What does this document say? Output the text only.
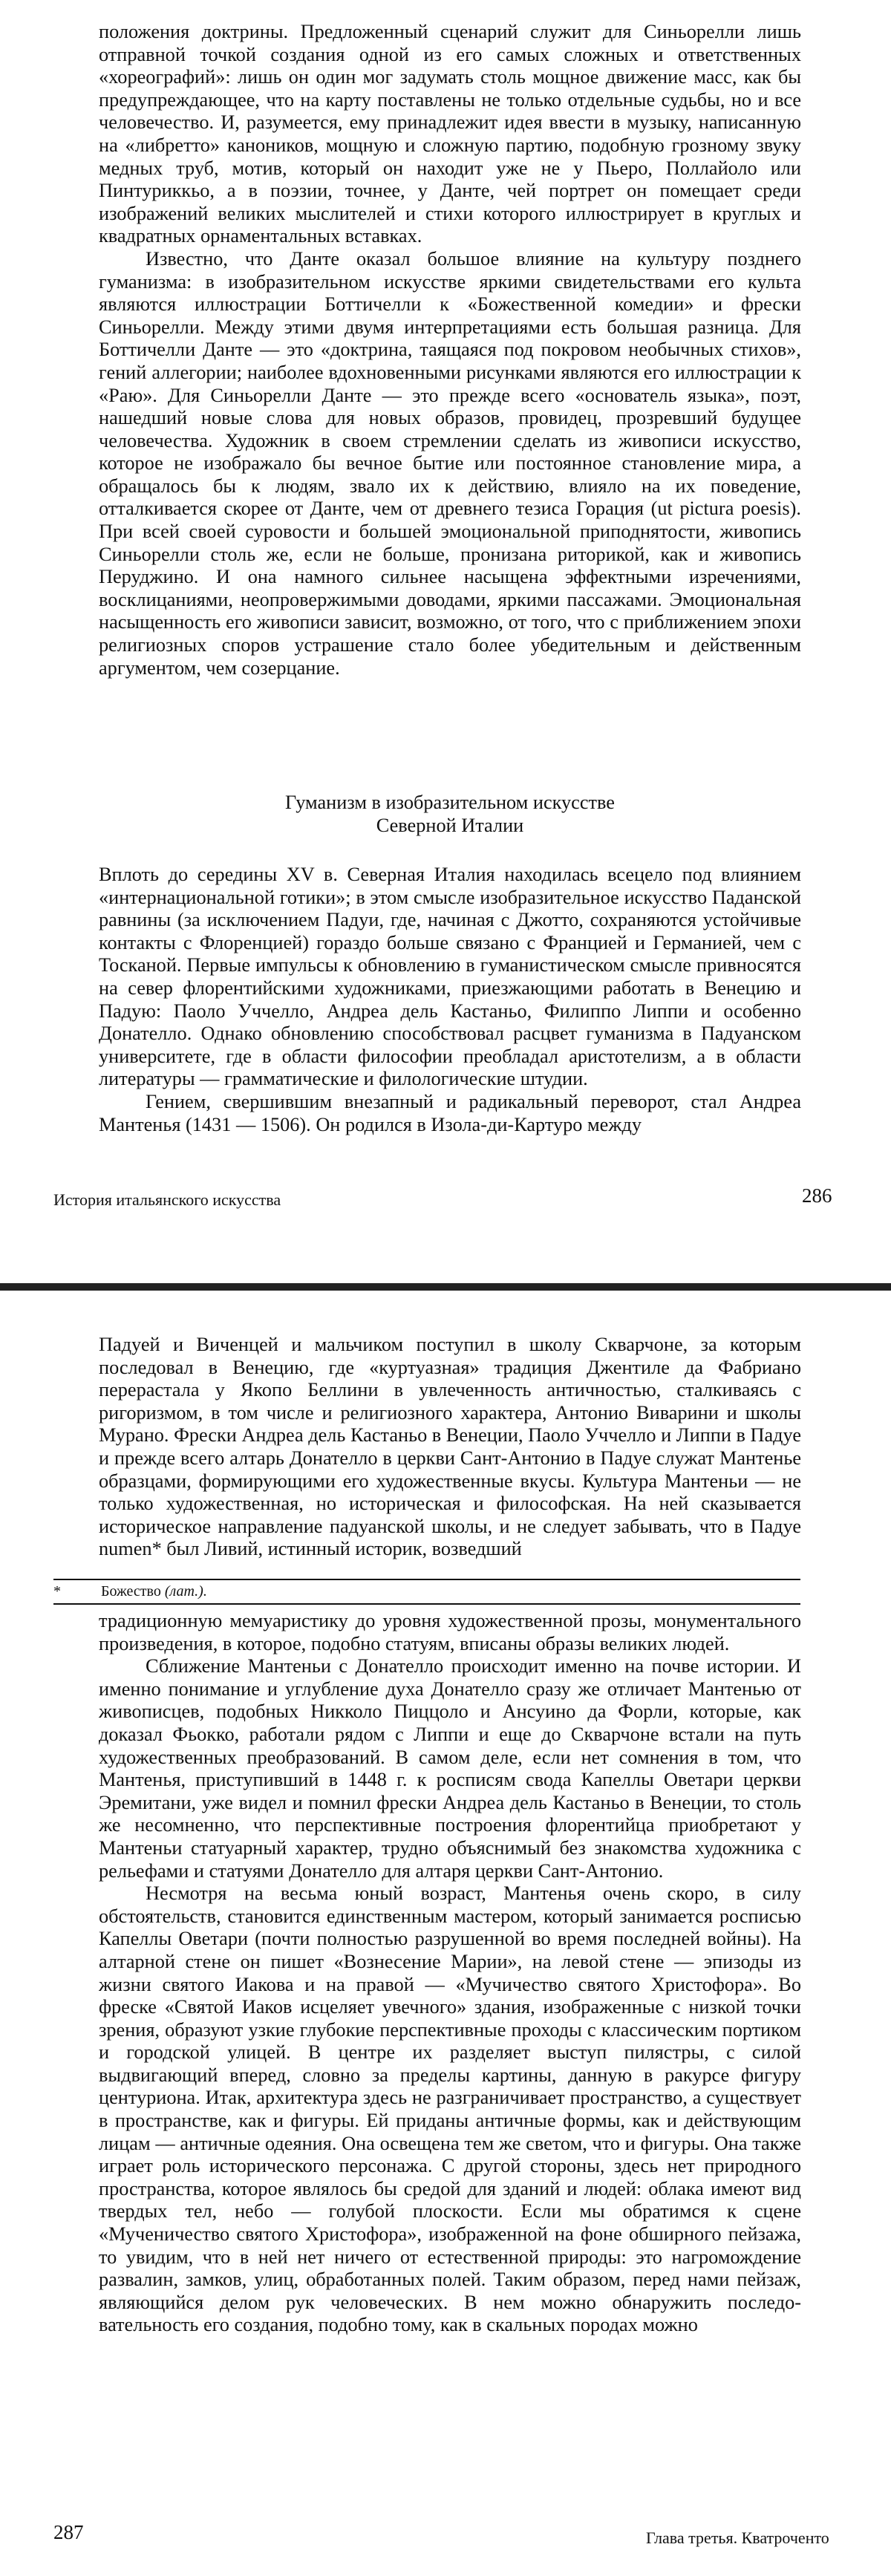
положения доктрины. Предложенный сценарий служит для Синьорелли лишь отправной точкой создания одной из его самых сложных и ответственных «хореографий»: лишь он один мог задумать столь мощное движение масс, как бы предупреждающее, что на карту поставлены не только отдельные судьбы, но и все человечество. И, разумеется, ему принадлежит идея ввести в музыку, написанную на «либретто» каноников, мощную и сложную партию, подобную грозному звуку медных труб, мотив, который он находит уже не у Пьеро, Поллайоло или Пинтуриккьо, а в поэзии, точнее, у Данте, чей портрет он помещает среди изображений великих мыслителей и стихи которого иллюстрирует в круглых и квадратных орнаментальных вставках.

Известно, что Данте оказал большое влияние на культуру позднего гуманизма: в изобразительном искусстве яркими свидетельствами его культа являются иллюстрации Боттичелли к «Божественной комедии» и фрески Синьорелли. Между этими двумя интерпретациями есть большая разница. Для Боттичелли Данте — это «доктрина, таящаяся под покровом необычных стихов», гений аллегории; наиболее вдохновенными рисунками являются его иллюстрации к «Раю». Для Синьорелли Данте — это прежде всего «основатель языка», поэт, нашедший новые слова для новых образов, провидец, прозревший будущее человечества. Художник в своем стремлении сделать из живописи искусство, которое не изображало бы вечное бытие или постоянное становление мира, а обращалось бы к людям, звало их к действию, влияло на их поведение, отталкивается скорее от Данте, чем от древнего тезиса Горация (ut pictura poesis). При всей своей суровости и большей эмоциональной приподнятости, живопись Синьорелли столь же, если не больше, пронизана риторикой, как и живопись Перуджино. И она намного сильнее насыщена эффектными изречениями, восклицаниями, неопровержимыми доводами, яркими пассажами. Эмоциональная насыщенность его живописи зависит, возможно, от того, что с приближением эпохи религиозных споров устрашение стало более убедительным и действенным аргументом, чем созерцание.

Гуманизм в изобразительном искусстве
Северной Италии

Вплоть до середины XV в. Северная Италия находилась всецело под влиянием «интернациональной готики»; в этом смысле изобразительное искусство Паданской равнины (за исключением Падуи, где, начиная с Джотто, сохраняются устойчивые контакты с Флоренцией) гораздо больше связано с Францией и Германией, чем с Тосканой. Первые импульсы к обновлению в гуманистическом смысле привносятся на север флорентийскими художниками, приезжающими работать в Венецию и Падую: Паоло Уччелло, Андреа дель Кастаньо, Филиппо Липпи и особенно Донателло. Однако обновлению способствовал расцвет гуманизма в Падуанском университете, где в области философии преобладал аристотелизм, а в области литературы — грамматические и филологические штудии.

Гением, свершившим внезапный и радикальный переворот, стал Андреа Мантенья (1431 — 1506). Он родился в Изола-ди-Картуро между

История итальянского искусства	286

Падуей и Виченцей и мальчиком поступил в школу Скварчоне, за которым последовал в Венецию, где «куртуазная» традиция Джентиле да Фабриано перерастала у Якопо Беллини в увлеченность античностью, сталкиваясь с ригоризмом, в том числе и религиозного характера, Антонио Виварини и школы Мурано. Фрески Андреа дель Кастаньо в Венеции, Паоло Уччелло и Липпи в Падуе и прежде всего алтарь Донателло в церкви Сант-Антонио в Падуе служат Мантенье образцами, формирующими его художественные вкусы. Культура Мантеньи — не только художественная, но историческая и философская. На ней сказывается историческое направление падуанской школы, и не следует забывать, что в Падуе numen* был Ливий, истинный историк, возведший

*	Божество (лат.).

традиционную мемуаристику до уровня художественной прозы, монументального произведения, в которое, подобно статуям, вписаны образы великих людей.

Сближение Мантеньи с Донателло происходит именно на почве истории. И именно понимание и углубление духа Донателло сразу же отличает Мантенью от живописцев, подобных Никколо Пиццоло и Ансуино да Форли, которые, как доказал Фьокко, работали рядом с Липпи и еще до Скварчоне встали на путь художественных преобразований. В самом деле, если нет сомнения в том, что Мантенья, приступивший в 1448 г. к росписям свода Капеллы Оветари церкви Эремитани, уже видел и помнил фрески Андреа дель Кастаньо в Венеции, то столь же несомненно, что перспективные построения флорентийца приобретают у Мантеньи статуарный характер, трудно объяснимый без знакомства художника с рельефами и статуями Донателло для алтаря церкви Сант-Антонио.

Несмотря на весьма юный возраст, Мантенья очень скоро, в силу обстоятельств, становится единственным мастером, который занимается росписью Капеллы Оветари (почти полностью разрушенной во время последней войны). На алтарной стене он пишет «Вознесение Марии», на левой стене — эпизоды из жизни святого Иакова и на правой — «Мучичество святого Христофора». Во фреске «Святой Иаков исцеляет увечного» здания, изображенные с низкой точки зрения, образуют узкие глубокие перспективные проходы с классическим портиком и городской улицей. В центре их разделяет выступ пилястры, с силой выдвигающий вперед, словно за пределы картины, данную в ракурсе фигуру центуриона. Итак, архитектура здесь не разграничивает пространство, а существует в пространстве, как и фигуры. Ей приданы античные формы, как и действующим лицам — античные одеяния. Она освещена тем же светом, что и фигуры. Она также играет роль исторического персонажа. С другой стороны, здесь нет природного пространства, которое являлось бы средой для зданий и людей: облака имеют вид твердых тел, небо — голубой плоскости. Если мы обратимся к сцене «Мученичество святого Христофора», изображенной на фоне обширного пейзажа, то увидим, что в ней нет ничего от естественной природы: это нагромождение развалин, замков, улиц, обработанных полей. Таким образом, перед нами пейзаж, являющийся делом рук человеческих. В нем можно обнаружить последовательность его создания, подобно тому, как в скальных породах можно

287	Глава третья. Кватроченто
